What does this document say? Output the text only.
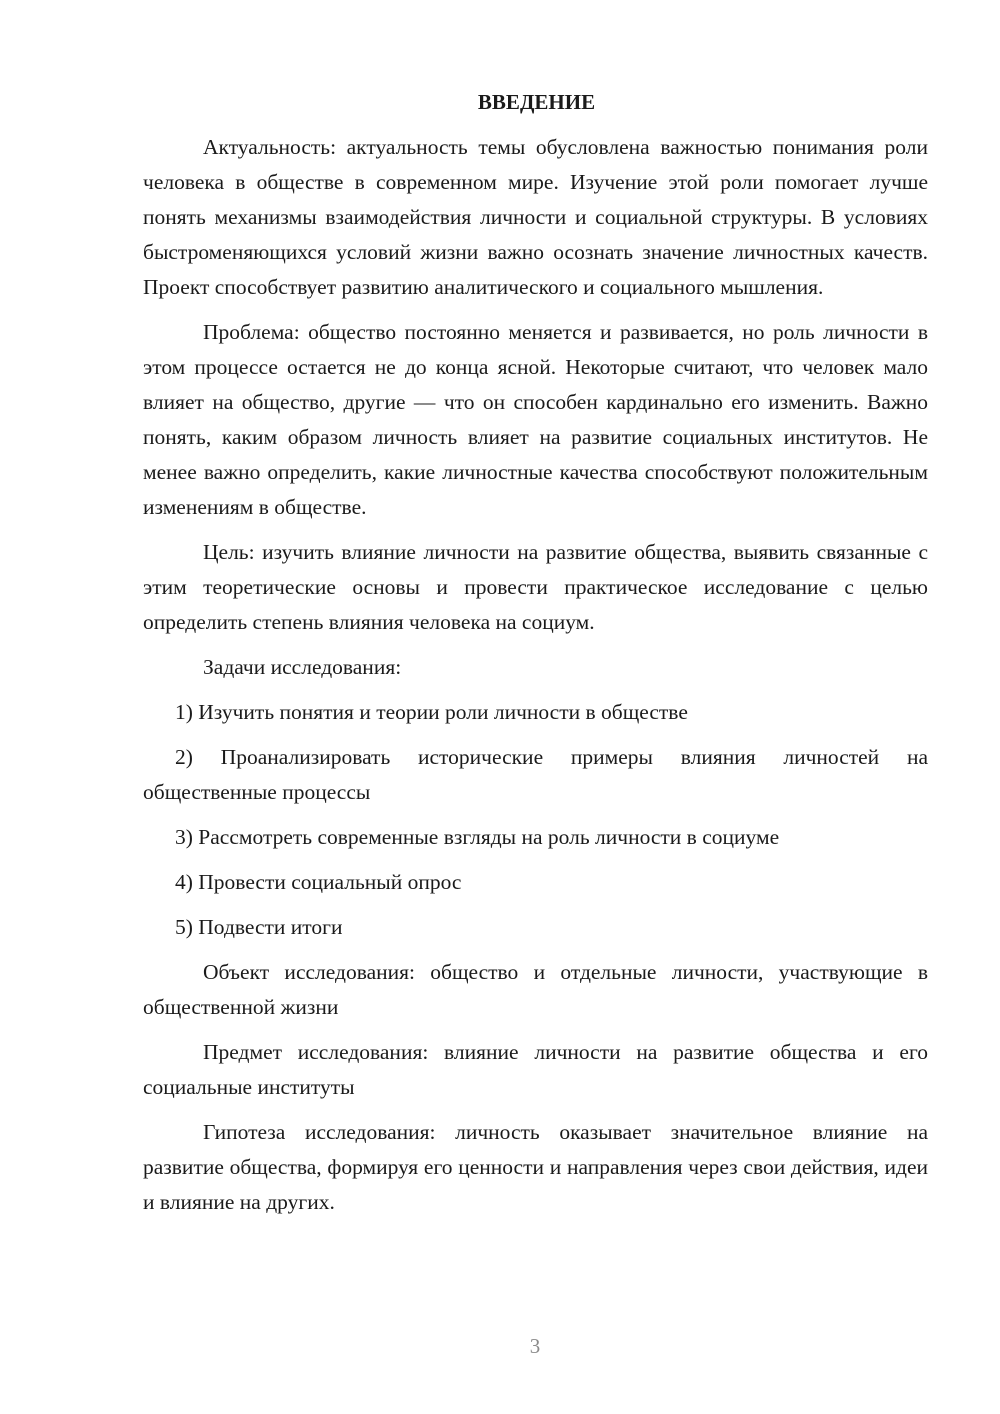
ВВЕДЕНИЕ

Актуальность: актуальность темы обусловлена важностью понимания роли человека в обществе в современном мире. Изучение этой роли помогает лучше понять механизмы взаимодействия личности и социальной структуры. В условиях быстроменяющихся условий жизни важно осознать значение личностных качеств. Проект способствует развитию аналитического и социального мышления.

Проблема: общество постоянно меняется и развивается, но роль личности в этом процессе остается не до конца ясной. Некоторые считают, что человек мало влияет на общество, другие — что он способен кардинально его изменить. Важно понять, каким образом личность влияет на развитие социальных институтов. Не менее важно определить, какие личностные качества способствуют положительным изменениям в обществе.

Цель: изучить влияние личности на развитие общества, выявить связанные с этим теоретические основы и провести практическое исследование с целью определить степень влияния человека на социум.

Задачи исследования:

1) Изучить понятия и теории роли личности в обществе

2) Проанализировать исторические примеры влияния личностей на общественные процессы

3) Рассмотреть современные взгляды на роль личности в социуме

4) Провести социальный опрос

5) Подвести итоги

Объект исследования: общество и отдельные личности, участвующие в общественной жизни

Предмет исследования: влияние личности на развитие общества и его социальные институты

Гипотеза исследования: личность оказывает значительное влияние на развитие общества, формируя его ценности и направления через свои действия, идеи и влияние на других.

3
